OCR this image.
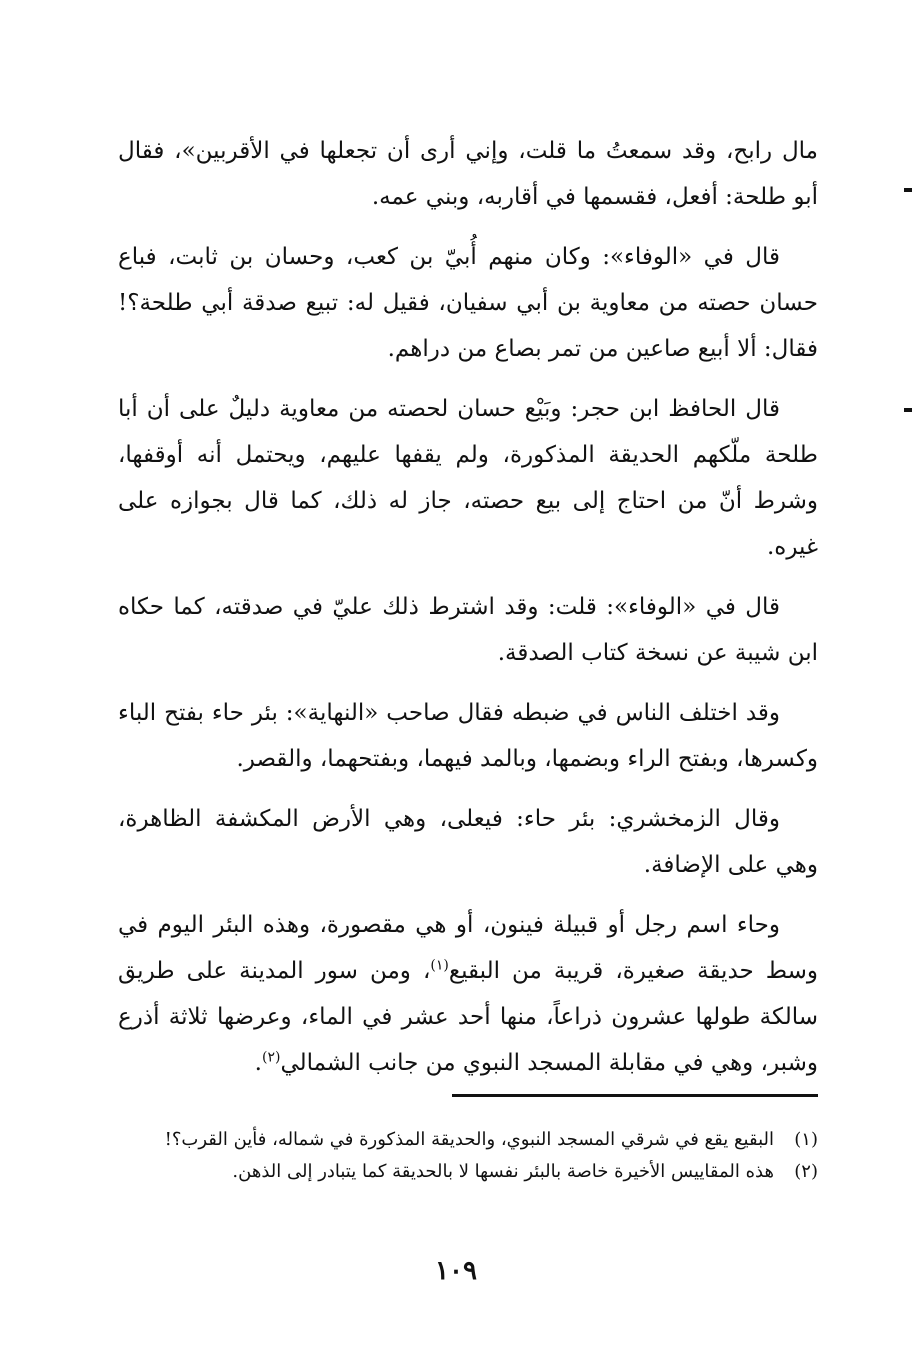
مال رابح، وقد سمعتُ ما قلت، وإني أرى أن تجعلها في الأقربين»، فقال أبو طلحة: أفعل، فقسمها في أقاربه، وبني عمه.

قال في «الوفاء»: وكان منهم أُبيّ بن كعب، وحسان بن ثابت، فباع حسان حصته من معاوية بن أبي سفيان، فقيل له: تبيع صدقة أبي طلحة؟! فقال: ألا أبيع صاعين من تمر بصاع من دراهم.

قال الحافظ ابن حجر: وبَيْع حسان لحصته من معاوية دليلٌ على أن أبا طلحة ملّكهم الحديقة المذكورة، ولم يقفها عليهم، ويحتمل أنه أوقفها، وشرط أنّ من احتاج إلى بيع حصته، جاز له ذلك، كما قال بجوازه على غيره.

قال في «الوفاء»: قلت: وقد اشترط ذلك عليّ في صدقته، كما حكاه ابن شيبة عن نسخة كتاب الصدقة.

وقد اختلف الناس في ضبطه فقال صاحب «النهاية»: بئر حاء بفتح الباء وكسرها، وبفتح الراء وبضمها، وبالمد فيهما، وبفتحهما، والقصر.

وقال الزمخشري: بئر حاء: فيعلى، وهي الأرض المكشفة الظاهرة، وهي على الإضافة.

وحاء اسم رجل أو قبيلة فينون، أو هي مقصورة، وهذه البئر اليوم في وسط حديقة صغيرة، قريبة من البقيع$^{(١)}$، ومن سور المدينة على طريق سالكة طولها عشرون ذراعاً، منها أحد عشر في الماء، وعرضها ثلاثة أذرع وشبر، وهي في مقابلة المسجد النبوي من جانب الشمالي$^{(٢)}$.

(١)
البقيع يقع في شرقي المسجد النبوي، والحديقة المذكورة في شماله، فأين القرب؟!
(٢)
هذه المقاييس الأخيرة خاصة بالبئر نفسها لا بالحديقة كما يتبادر إلى الذهن.
١٠٩
